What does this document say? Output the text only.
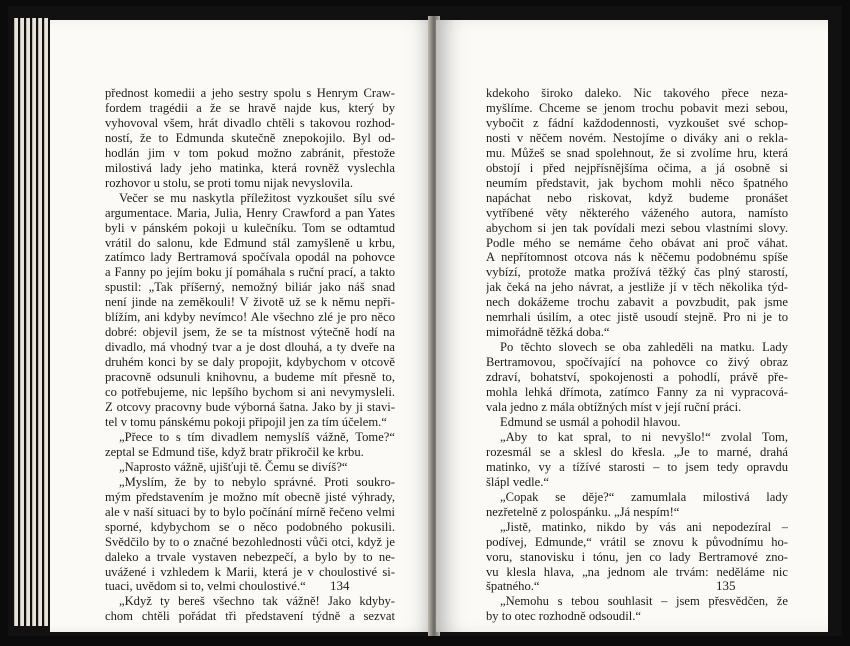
přednost komedii a jeho sestry spolu s Henrym Craw-
fordem tragédii a že se hravě najde kus, který by
vyhovoval všem, hrát divadlo chtěli s takovou rozhod-
ností, že to Edmunda skutečně znepokojilo. Byl od-
hodlán jim v tom pokud možno zabránit, přestože
milostivá lady jeho matinka, která rovněž vyslechla
rozhovor u stolu, se proti tomu nijak nevyslovila.
Večer se mu naskytla příležitost vyzkoušet sílu své
argumentace. Maria, Julia, Henry Crawford a pan Yates
byli v pánském pokoji u kulečníku. Tom se odtamtud
vrátil do salonu, kde Edmund stál zamyšleně u krbu,
zatímco lady Bertramová spočívala opodál na pohovce
a Fanny po jejím boku jí pomáhala s ruční prací, a takto
spustil: „Tak příšerný, nemožný biliár jako náš snad
není jinde na zeměkouli! V životě už se k němu nepři-
blížím, ani kdyby nevímco! Ale všechno zlé je pro něco
dobré: objevil jsem, že se ta místnost výtečně hodí na
divadlo, má vhodný tvar a je dost dlouhá, a ty dveře na
druhém konci by se daly propojit, kdybychom v otcově
pracovně odsunuli knihovnu, a budeme mít přesně to,
co potřebujeme, nic lepšího bychom si ani nevymysleli.
Z otcovy pracovny bude výborná šatna. Jako by ji stavi-
tel v tomu pánskému pokoji připojil jen za tím účelem.“
„Přece to s tím divadlem nemyslíš vážně, Tome?“
zeptal se Edmund tiše, když bratr přikročil ke krbu.
„Naprosto vážně, ujišťuji tě. Čemu se divíš?“
„Myslím, že by to nebylo správné. Proti soukro-
mým představením je možno mít obecně jisté výhrady,
ale v naší situaci by to bylo počínání mírně řečeno velmi
sporné, kdybychom se o něco podobného pokusili.
Svědčilo by to o značné bezohlednosti vůči otci, když je
daleko a trvale vystaven nebezpečí, a bylo by to ne-
uvážené i vzhledem k Marii, která je v choulostivé si-
tuaci, uvědom si to, velmi choulostivé.“
„Když ty bereš všechno tak vážně! Jako kdyby-
chom chtěli pořádat tři představení týdně a sezvat
134
kdekoho široko daleko. Nic takového přece neza-
myšlíme. Chceme se jenom trochu pobavit mezi sebou,
vybočit z fádní každodennosti, vyzkoušet své schop-
nosti v něčem novém. Nestojíme o diváky ani o rekla-
mu. Můžeš se snad spolehnout, že si zvolíme hru, která
obstojí i před nejpřísnějšíma očima, a já osobně si
neumím představit, jak bychom mohli něco špatného
napáchat nebo riskovat, když budeme pronášet
vytříbené věty některého váženého autora, namísto
abychom si jen tak povídali mezi sebou vlastními slovy.
Podle mého se nemáme čeho obávat ani proč váhat.
A nepřítomnost otcova nás k něčemu podobnému spíše
vybízí, protože matka prožívá těžký čas plný starostí,
jak čeká na jeho návrat, a jestliže jí v těch několika týd-
nech dokážeme trochu zabavit a povzbudit, pak jsme
nemrhali úsilím, a otec jistě usoudí stejně. Pro ni je to
mimořádně těžká doba.“
Po těchto slovech se oba zahleděli na matku. Lady
Bertramovou, spočívající na pohovce co živý obraz
zdraví, bohatství, spokojenosti a pohodlí, právě pře-
mohla lehká dřímota, zatímco Fanny za ni vypracová-
vala jedno z mála obtížných míst v její ruční práci.
Edmund se usmál a pohodil hlavou.
„Aby to kat spral, to ni nevyšlo!“ zvolal Tom,
rozesmál se a sklesl do křesla. „Je to marné, drahá
matinko, vy a tížívé starosti – to jsem tedy opravdu
šlápl vedle.“
„Copak se děje?“ zamumlala milostivá lady
nezřetelně z polospánku. „Já nespím!“
„Jistě, matinko, nikdo by vás ani nepodezíral –
podívej, Edmunde,“ vrátil se znovu k původnímu ho-
voru, stanovisku i tónu, jen co lady Bertramové zno-
vu klesla hlava, „na jednom ale trvám: neděláme nic
špatného.“
„Nemohu s tebou souhlasit – jsem přesvědčen, že
by to otec rozhodně odsoudil.“
135
